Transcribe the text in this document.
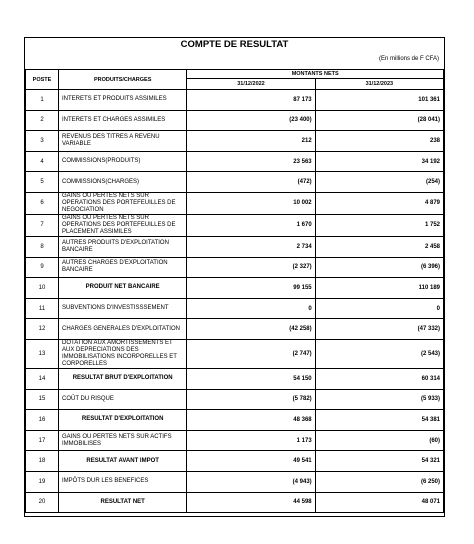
COMPTE DE RESULTAT
(En millions de F CFA)
POSTE	PRODUITS/CHARGES	MONTANTS NETS	
		31/12/2022	31/12/2023
1	INTERETS ET PRODUITS ASSIMILES	87 173	101 361
2	INTERETS ET CHARGES ASSIMILES	(23 400)	(28 041)
3	REVENUS DES TITRES A REVENU VARIABLE	212	238
4	COMMISSIONS(PRODUITS)	23 563	34 192
5	COMMISSIONS(CHARGES)	(472)	(254)
6	GAINS OU PERTES NETS SUR OPERATIONS DES PORTEFEUILLES DE NEGOCIATION	10 002	4 879
7	GAINS OU PERTES NETS SUR OPERATIONS DES PORTEFEUILLES DE PLACEMENT ASSIMILES	1 670	1 752
8	AUTRES PRODUITS D'EXPLOITATION BANCAIRE	2 734	2 458
9	AUTRES CHARGES D'EXPLOITATION BANCAIRE	(2 327)	(6 396)
10	PRODUIT NET BANCAIRE	99 155	110 189
11	SUBVENTIONS D'INVESTISSSEMENT	0	0
12	CHARGES GENERALES D'EXPLOITATION	(42 258)	(47 332)
13	DOTATION AUX AMORTISSEMENTS ET AUX DEPRECIATIONS DES IMMOBILISATIONS INCORPORELLES ET CORPORELLES	(2 747)	(2 543)
14	RESULTAT BRUT D'EXPLOITATION	54 150	60 314
15	COÛT DU RISQUE	(5 782)	(5 933)
16	RESULTAT D'EXPLOITATION	48 368	54 381
17	GAINS OU PERTES NETS SUR ACTIFS IMMOBILISES	1 173	(60)
18	RESULTAT AVANT IMPOT	49 541	54 321
19	IMPÔTS DUR LES BENEFICES	(4 943)	(6 250)
20	RESULTAT NET	44 598	48 071
